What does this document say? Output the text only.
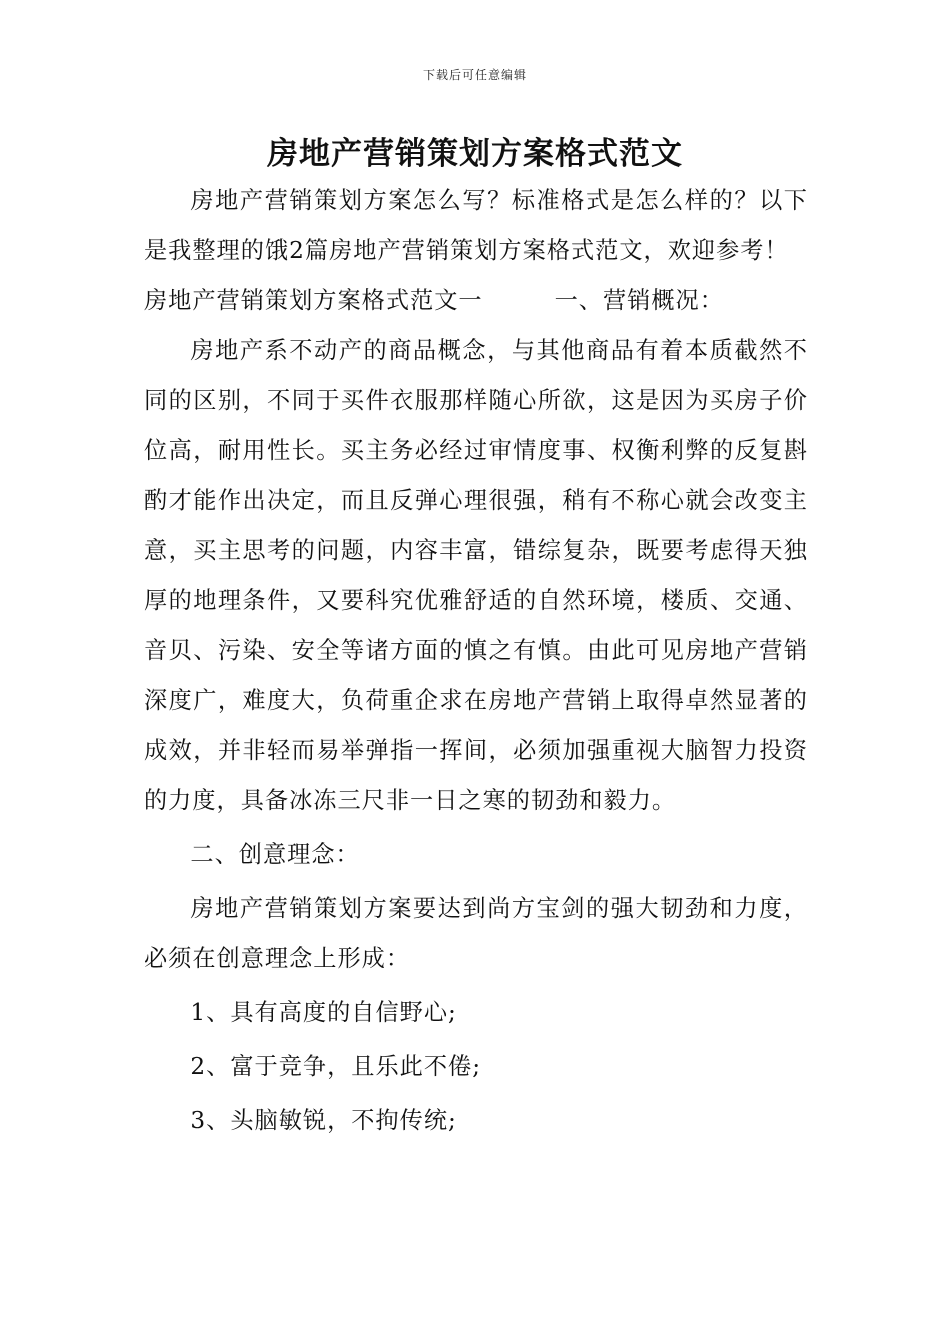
下载后可任意编辑
房地产营销策划方案格式范文

房地产营销策划方案怎么写？标准格式是怎么样的？以下是我整理的饿2篇房地产营销策划方案格式范文，欢迎参考！

房地产营销策划方案格式范文一	一、营销概况：

房地产系不动产的商品概念，与其他商品有着本质截然不同的区别，不同于买件衣服那样随心所欲，这是因为买房子价位高，耐用性长。买主务必经过审情度事、权衡利弊的反复斟酌才能作出决定，而且反弹心理很强，稍有不称心就会改变主意，买主思考的问题，内容丰富，错综复杂，既要考虑得天独厚的地理条件，又要科究优雅舒适的自然环境，楼质、交通、音贝、污染、安全等诸方面的慎之有慎。由此可见房地产营销深度广，难度大，负荷重企求在房地产营销上取得卓然显著的成效，并非轻而易举弹指一挥间，必须加强重视大脑智力投资的力度，具备冰冻三尺非一日之寒的韧劲和毅力。

二、创意理念：

房地产营销策划方案要达到尚方宝剑的强大韧劲和力度，必须在创意理念上形成：

1、具有高度的自信野心;

2、富于竞争，且乐此不倦;

3、头脑敏锐，不拘传统;
